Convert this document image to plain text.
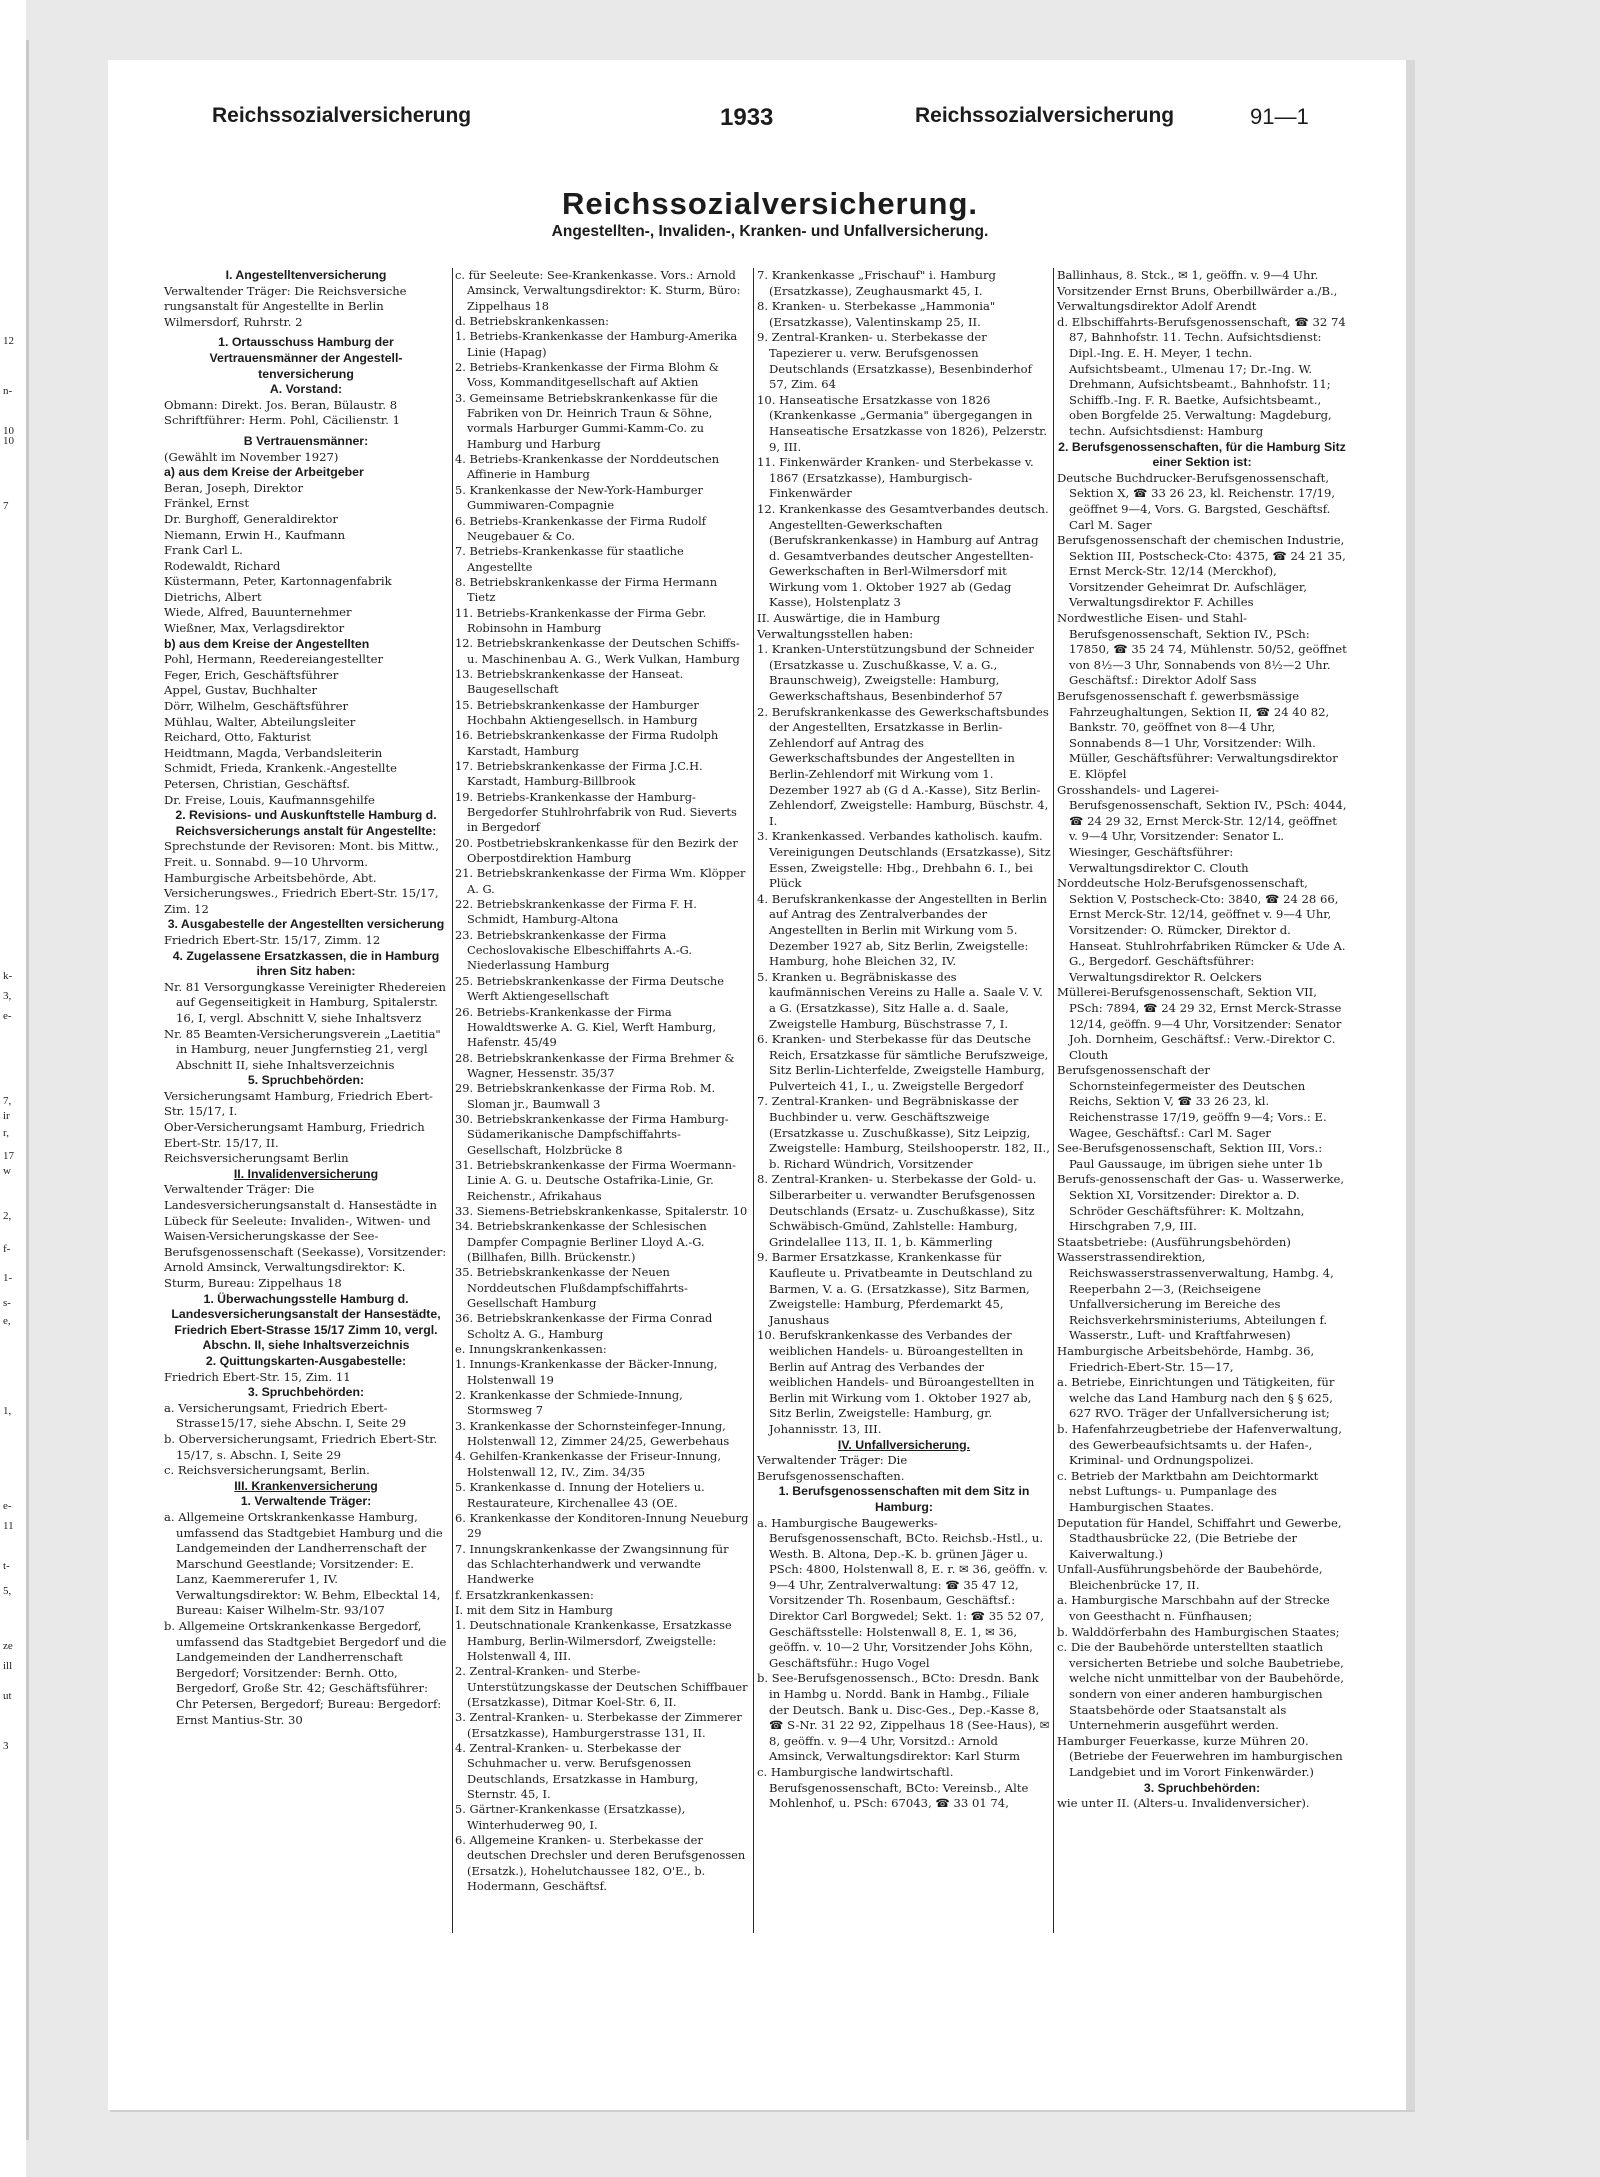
12
n-
10
10
7
k-
3,
e-
7,
ir
r,
17
w
2,
f-
1-
s-
e,
1,
e-
11
t-
5,
ze
ill
ut
3
Reichssozialversicherung	1933	Reichssozialversicherung	91—1
Reichssozialversicherung.
Angestellten-, Invaliden-, Kranken- und Unfallversicherung.
I. Angestelltenversicherung
Verwaltender Träger: Die Reichsversiche rungsanstalt für Angestellte in Berlin Wilmersdorf, Ruhrstr. 2
1. Ortausschuss Hamburg der Vertrauensmänner der Angestell-tenversicherung
A. Vorstand:
Obmann: Direkt. Jos. Beran, Bülaustr. 8 Schriftführer: Herm. Pohl, Cäcilienstr. 1
B Vertrauensmänner:
(Gewählt im November 1927)
a) aus dem Kreise der Arbeitgeber
Beran, Joseph, Direktor
Fränkel, Ernst
Dr. Burghoff, Generaldirektor
Niemann, Erwin H., Kaufmann
Frank Carl L.
Rodewaldt, Richard
Küstermann, Peter, Kartonnagenfabrik
Dietrichs, Albert
Wiede, Alfred, Bauunternehmer
Wießner, Max, Verlagsdirektor
b) aus dem Kreise der Angestellten
Pohl, Hermann, Reedereiangestellter
Feger, Erich, Geschäftsführer
Appel, Gustav, Buchhalter
Dörr, Wilhelm, Geschäftsführer
Mühlau, Walter, Abteilungsleiter
Reichard, Otto, Fakturist
Heidtmann, Magda, Verbandsleiterin
Schmidt, Frieda, Krankenk.-Angestellte
Petersen, Christian, Geschäftsf.
Dr. Freise, Louis, Kaufmannsgehilfe
2. Revisions- und Auskunftstelle Hamburg d. Reichsversicherungs anstalt für Angestellte:
Sprechstunde der Revisoren: Mont. bis Mittw., Freit. u. Sonnabd. 9—10 Uhrvorm. Hamburgische Arbeitsbehörde, Abt. Versicherungswes., Friedrich Ebert-Str. 15/17, Zim. 12
3. Ausgabestelle der Angestellten versicherung
Friedrich Ebert-Str. 15/17, Zimm. 12
4. Zugelassene Ersatzkassen, die in Hamburg ihren Sitz haben:
Nr. 81 Versorgungkasse Vereinigter Rhedereien auf Gegenseitigkeit in Hamburg, Spitalerstr. 16, I, vergl. Abschnitt V, siehe Inhaltsverz
Nr. 85 Beamten-Versicherungsverein „Laetitia" in Hamburg, neuer Jungfernstieg 21, vergl Abschnitt II, siehe Inhaltsverzeichnis
5. Spruchbehörden:
Versicherungsamt Hamburg, Friedrich Ebert-Str. 15/17, I.
Ober-Versicherungsamt Hamburg, Friedrich Ebert-Str. 15/17, II.
Reichsversicherungsamt Berlin
II. Invalidenversicherung
Verwaltender Träger: Die Landesversicherungsanstalt d. Hansestädte in Lübeck für Seeleute: Invaliden-, Witwen- und Waisen-Versicherungskasse der See-Berufsgenossenschaft (Seekasse), Vorsitzender: Arnold Amsinck, Verwaltungsdirektor: K. Sturm, Bureau: Zippelhaus 18
1. Überwachungsstelle Hamburg d. Landesversicherungsanstalt der Hansestädte, Friedrich Ebert-Strasse 15/17 Zimm 10, vergl. Abschn. II, siehe Inhaltsverzeichnis
2. Quittungskarten-Ausgabestelle:
Friedrich Ebert-Str. 15, Zim. 11
3. Spruchbehörden:
a. Versicherungsamt, Friedrich Ebert-Strasse15/17, siehe Abschn. I, Seite 29
b. Oberversicherungsamt, Friedrich Ebert-Str. 15/17, s. Abschn. I, Seite 29
c. Reichsversicherungsamt, Berlin.
III. Krankenversicherung
1. Verwaltende Träger:
a. Allgemeine Ortskrankenkasse Hamburg, umfassend das Stadtgebiet Hamburg und die Landgemeinden der Landherrenschaft der Marschund Geestlande; Vorsitzender: E. Lanz, Kaemmererufer 1, IV. Verwaltungsdirektor: W. Behm, Elbecktal 14, Bureau: Kaiser Wilhelm-Str. 93/107
b. Allgemeine Ortskrankenkasse Bergedorf, umfassend das Stadtgebiet Bergedorf und die Landgemeinden der Landherrenschaft Bergedorf; Vorsitzender: Bernh. Otto, Bergedorf, Große Str. 42; Geschäftsführer: Chr Petersen, Bergedorf; Bureau: Bergedorf: Ernst Mantius-Str. 30
c. für Seeleute: See-Krankenkasse. Vors.: Arnold Amsinck, Verwaltungsdirektor: K. Sturm, Büro: Zippelhaus 18
d. Betriebskrankenkassen:
1. Betriebs-Krankenkasse der Hamburg-Amerika Linie (Hapag)
2. Betriebs-Krankenkasse der Firma Blohm & Voss, Kommanditgesellschaft auf Aktien
3. Gemeinsame Betriebskrankenkasse für die Fabriken von Dr. Heinrich Traun & Söhne, vormals Harburger Gummi-Kamm-Co. zu Hamburg und Harburg
4. Betriebs-Krankenkasse der Norddeutschen Affinerie in Hamburg
5. Krankenkasse der New-York-Hamburger Gummiwaren-Compagnie
6. Betriebs-Krankenkasse der Firma Rudolf Neugebauer & Co.
7. Betriebs-Krankenkasse für staatliche Angestellte
8. Betriebskrankenkasse der Firma Hermann Tietz
11. Betriebs-Krankenkasse der Firma Gebr. Robinsohn in Hamburg
12. Betriebskrankenkasse der Deutschen Schiffs- u. Maschinenbau A. G., Werk Vulkan, Hamburg
13. Betriebskrankenkasse der Hanseat. Baugesellschaft
15. Betriebskrankenkasse der Hamburger Hochbahn Aktiengesellsch. in Hamburg
16. Betriebskrankenkasse der Firma Rudolph Karstadt, Hamburg
17. Betriebskrankenkasse der Firma J.C.H. Karstadt, Hamburg-Billbrook
19. Betriebs-Krankenkasse der Hamburg-Bergedorfer Stuhlrohrfabrik von Rud. Sieverts in Bergedorf
20. Postbetriebskrankenkasse für den Bezirk der Oberpostdirektion Hamburg
21. Betriebskrankenkasse der Firma Wm. Klöpper A. G.
22. Betriebskrankenkasse der Firma F. H. Schmidt, Hamburg-Altona
23. Betriebskrankenkasse der Firma Cechoslovakische Elbeschiffahrts A.-G. Niederlassung Hamburg
25. Betriebskrankenkasse der Firma Deutsche Werft Aktiengesellschaft
26. Betriebs-Krankenkasse der Firma Howaldtswerke A. G. Kiel, Werft Hamburg, Hafenstr. 45/49
28. Betriebskrankenkasse der Firma Brehmer & Wagner, Hessenstr. 35/37
29. Betriebskrankenkasse der Firma Rob. M. Sloman jr., Baumwall 3
30. Betriebskrankenkasse der Firma Hamburg-Südamerikanische Dampfschiffahrts-Gesellschaft, Holzbrücke 8
31. Betriebskrankenkasse der Firma Woermann-Linie A. G. u. Deutsche Ostafrika-Linie, Gr. Reichenstr., Afrikahaus
33. Siemens-Betriebskrankenkasse, Spitalerstr. 10
34. Betriebskrankenkasse der Schlesischen Dampfer Compagnie Berliner Lloyd A.-G. (Billhafen, Billh. Brückenstr.)
35. Betriebskrankenkasse der Neuen Norddeutschen Flußdampfschiffahrts-Gesellschaft Hamburg
36. Betriebskrankenkasse der Firma Conrad Scholtz A. G., Hamburg
e. Innungskrankenkassen:
1. Innungs-Krankenkasse der Bäcker-Innung, Holstenwall 19
2. Krankenkasse der Schmiede-Innung, Stormsweg 7
3. Krankenkasse der Schornsteinfeger-Innung, Holstenwall 12, Zimmer 24/25, Gewerbehaus
4. Gehilfen-Krankenkasse der Friseur-Innung, Holstenwall 12, IV., Zim. 34/35
5. Krankenkasse d. Innung der Hoteliers u. Restaurateure, Kirchenallee 43 (OE.
6. Krankenkasse der Konditoren-Innung Neueburg 29
7. Innungskrankenkasse der Zwangsinnung für das Schlachterhandwerk und verwandte Handwerke
f. Ersatzkrankenkassen:
I. mit dem Sitz in Hamburg
1. Deutschnationale Krankenkasse, Ersatzkasse Hamburg, Berlin-Wilmersdorf, Zweigstelle: Holstenwall 4, III.
2. Zentral-Kranken- und Sterbe-Unterstützungskasse der Deutschen Schiffbauer (Ersatzkasse), Ditmar Koel-Str. 6, II.
3. Zentral-Kranken- u. Sterbekasse der Zimmerer (Ersatzkasse), Hamburgerstrasse 131, II.
4. Zentral-Kranken- u. Sterbekasse der Schuhmacher u. verw. Berufsgenossen Deutschlands, Ersatzkasse in Hamburg, Sternstr. 45, I.
5. Gärtner-Krankenkasse (Ersatzkasse), Winterhuderweg 90, I.
6. Allgemeine Kranken- u. Sterbekasse der deutschen Drechsler und deren Berufsgenossen (Ersatzk.), Hohelutchaussee 182, O'E., b. Hodermann, Geschäftsf.
7. Krankenkasse „Frischauf" i. Hamburg (Ersatzkasse), Zeughausmarkt 45, I.
8. Kranken- u. Sterbekasse „Hammonia" (Ersatzkasse), Valentinskamp 25, II.
9. Zentral-Kranken- u. Sterbekasse der Tapezierer u. verw. Berufsgenossen Deutschlands (Ersatzkasse), Besenbinderhof 57, Zim. 64
10. Hanseatische Ersatzkasse von 1826 (Krankenkasse „Germania" übergegangen in Hanseatische Ersatzkasse von 1826), Pelzerstr. 9, III.
11. Finkenwärder Kranken- und Sterbekasse v. 1867 (Ersatzkasse), Hamburgisch-Finkenwärder
12. Krankenkasse des Gesamtverbandes deutsch. Angestellten-Gewerkschaften (Berufskrankenkasse) in Hamburg auf Antrag d. Gesamtverbandes deutscher Angestellten-Gewerkschaften in Berl-Wilmersdorf mit Wirkung vom 1. Oktober 1927 ab (Gedag Kasse), Holstenplatz 3
II. Auswärtige, die in Hamburg Verwaltungsstellen haben:
1. Kranken-Unterstützungsbund der Schneider (Ersatzkasse u. Zuschußkasse, V. a. G., Braunschweig), Zweigstelle: Hamburg, Gewerkschaftshaus, Besenbinderhof 57
2. Berufskrankenkasse des Gewerkschaftsbundes der Angestellten, Ersatzkasse in Berlin-Zehlendorf auf Antrag des Gewerkschaftsbundes der Angestellten in Berlin-Zehlendorf mit Wirkung vom 1. Dezember 1927 ab (G d A.-Kasse), Sitz Berlin-Zehlendorf, Zweigstelle: Hamburg, Büschstr. 4, I.
3. Krankenkassed. Verbandes katholisch. kaufm. Vereinigungen Deutschlands (Ersatzkasse), Sitz Essen, Zweigstelle: Hbg., Drehbahn 6. I., bei Plück
4. Berufskrankenkasse der Angestellten in Berlin auf Antrag des Zentralverbandes der Angestellten in Berlin mit Wirkung vom 5. Dezember 1927 ab, Sitz Berlin, Zweigstelle: Hamburg, hohe Bleichen 32, IV.
5. Kranken u. Begräbniskasse des kaufmännischen Vereins zu Halle a. Saale V. V. a G. (Ersatzkasse), Sitz Halle a. d. Saale, Zweigstelle Hamburg, Büschstrasse 7, I.
6. Kranken- und Sterbekasse für das Deutsche Reich, Ersatzkasse für sämtliche Berufszweige, Sitz Berlin-Lichterfelde, Zweigstelle Hamburg, Pulverteich 41, I., u. Zweigstelle Bergedorf
7. Zentral-Kranken- und Begräbniskasse der Buchbinder u. verw. Geschäftszweige (Ersatzkasse u. Zuschußkasse), Sitz Leipzig, Zweigstelle: Hamburg, Steilshooperstr. 182, II., b. Richard Wündrich, Vorsitzender
8. Zentral-Kranken- u. Sterbekasse der Gold- u. Silberarbeiter u. verwandter Berufsgenossen Deutschlands (Ersatz- u. Zuschußkasse), Sitz Schwäbisch-Gmünd, Zahlstelle: Hamburg, Grindelallee 113, II. 1, b. Kämmerling
9. Barmer Ersatzkasse, Krankenkasse für Kaufleute u. Privatbeamte in Deutschland zu Barmen, V. a. G. (Ersatzkasse), Sitz Barmen, Zweigstelle: Hamburg, Pferdemarkt 45, Janushaus
10. Berufskrankenkasse des Verbandes der weiblichen Handels- u. Büroangestellten in Berlin auf Antrag des Verbandes der weiblichen Handels- und Büroangestellten in Berlin mit Wirkung vom 1. Oktober 1927 ab, Sitz Berlin, Zweigstelle: Hamburg, gr. Johannisstr. 13, III.
IV. Unfallversicherung.
Verwaltender Träger: Die Berufsgenossenschaften.
1. Berufsgenossenschaften mit dem Sitz in Hamburg:
a. Hamburgische Baugewerks-Berufsgenossenschaft, BCto. Reichsb.-Hstl., u. Westh. B. Altona, Dep.-K. b. grünen Jäger u. PSch: 4800, Holstenwall 8, E. r. ✉ 36, geöffn. v. 9—4 Uhr, Zentralverwaltung: ☎ 35 47 12, Vorsitzender Th. Rosenbaum, Geschäftsf.: Direktor Carl Borgwedel; Sekt. 1: ☎ 35 52 07, Geschäftsstelle: Holstenwall 8, E. 1, ✉ 36, geöffn. v. 10—2 Uhr, Vorsitzender Johs Köhn, Geschäftsführ.: Hugo Vogel
b. See-Berufsgenossensch., BCto: Dresdn. Bank in Hambg u. Nordd. Bank in Hambg., Filiale der Deutsch. Bank u. Disc-Ges., Dep.-Kasse 8, ☎ S-Nr. 31 22 92, Zippelhaus 18 (See-Haus), ✉ 8, geöffn. v. 9—4 Uhr, Vorsitzd.: Arnold Amsinck, Verwaltungsdirektor: Karl Sturm
c. Hamburgische landwirtschaftl. Berufsgenossenschaft, BCto: Vereinsb., Alte Mohlenhof, u. PSch: 67043, ☎ 33 01 74,
Ballinhaus, 8. Stck., ✉ 1, geöffn. v. 9—4 Uhr. Vorsitzender Ernst Bruns, Oberbillwärder a./B., Verwaltungsdirektor Adolf Arendt
d. Elbschiffahrts-Berufsgenossenschaft, ☎ 32 74 87, Bahnhofstr. 11. Techn. Aufsichtsdienst: Dipl.-Ing. E. H. Meyer, 1 techn. Aufsichtsbeamt., Ulmenau 17; Dr.-Ing. W. Drehmann, Aufsichtsbeamt., Bahnhofstr. 11; Schiffb.-Ing. F. R. Baetke, Aufsichtsbeamt., oben Borgfelde 25. Verwaltung: Magdeburg, techn. Aufsichtsdienst: Hamburg
2. Berufsgenossenschaften, für die Hamburg Sitz einer Sektion ist:
Deutsche Buchdrucker-Berufsgenossenschaft, Sektion X, ☎ 33 26 23, kl. Reichenstr. 17/19, geöffnet 9—4, Vors. G. Bargsted, Geschäftsf. Carl M. Sager
Berufsgenossenschaft der chemischen Industrie, Sektion III, Postscheck-Cto: 4375, ☎ 24 21 35, Ernst Merck-Str. 12/14 (Merckhof), Vorsitzender Geheimrat Dr. Aufschläger, Verwaltungsdirektor F. Achilles
Nordwestliche Eisen- und Stahl-Berufsgenossenschaft, Sektion IV., PSch: 17850, ☎ 35 24 74, Mühlenstr. 50/52, geöffnet von 8½—3 Uhr, Sonnabends von 8½—2 Uhr. Geschäftsf.: Direktor Adolf Sass
Berufsgenossenschaft f. gewerbsmässige Fahrzeughaltungen, Sektion II, ☎ 24 40 82, Bankstr. 70, geöffnet von 8—4 Uhr, Sonnabends 8—1 Uhr, Vorsitzender: Wilh. Müller, Geschäftsführer: Verwaltungsdirektor E. Klöpfel
Grosshandels- und Lagerei-Berufsgenossenschaft, Sektion IV., PSch: 4044, ☎ 24 29 32, Ernst Merck-Str. 12/14, geöffnet v. 9—4 Uhr, Vorsitzender: Senator L. Wiesinger, Geschäftsführer: Verwaltungsdirektor C. Clouth
Norddeutsche Holz-Berufsgenossenschaft, Sektion V, Postscheck-Cto: 3840, ☎ 24 28 66, Ernst Merck-Str. 12/14, geöffnet v. 9—4 Uhr, Vorsitzender: O. Rümcker, Direktor d. Hanseat. Stuhlrohrfabriken Rümcker & Ude A. G., Bergedorf. Geschäftsführer: Verwaltungsdirektor R. Oelckers
Müllerei-Berufsgenossenschaft, Sektion VII, PSch: 7894, ☎ 24 29 32, Ernst Merck-Strasse 12/14, geöffn. 9—4 Uhr, Vorsitzender: Senator Joh. Dornheim, Geschäftsf.: Verw.-Direktor C. Clouth
Berufsgenossenschaft der Schornsteinfegermeister des Deutschen Reichs, Sektion V, ☎ 33 26 23, kl. Reichenstrasse 17/19, geöffn 9—4; Vors.: E. Wagee, Geschäftsf.: Carl M. Sager
See-Berufsgenossenschaft, Sektion III, Vors.: Paul Gaussauge, im übrigen siehe unter 1b
Berufs-genossenschaft der Gas- u. Wasserwerke, Sektion XI, Vorsitzender: Direktor a. D. Schröder Geschäftsführer: K. Moltzahn, Hirschgraben 7,9, III.
Staatsbetriebe: (Ausführungsbehörden)
Wasserstrassendirektion, Reichswasserstrassenverwaltung, Hambg. 4, Reeperbahn 2—3, (Reichseigene Unfallversicherung im Bereiche des Reichsverkehrsministeriums, Abteilungen f. Wasserstr., Luft- und Kraftfahrwesen)
Hamburgische Arbeitsbehörde, Hambg. 36, Friedrich-Ebert-Str. 15—17,
a. Betriebe, Einrichtungen und Tätigkeiten, für welche das Land Hamburg nach den § § 625, 627 RVO. Träger der Unfallversicherung ist;
b. Hafenfahrzeugbetriebe der Hafenverwaltung, des Gewerbeaufsichtsamts u. der Hafen-, Kriminal- und Ordnungspolizei.
c. Betrieb der Marktbahn am Deichtormarkt nebst Luftungs- u. Pumpanlage des Hamburgischen Staates.
Deputation für Handel, Schiffahrt und Gewerbe, Stadthausbrücke 22, (Die Betriebe der Kaiverwaltung.)
Unfall-Ausführungsbehörde der Baubehörde, Bleichenbrücke 17, II.
a. Hamburgische Marschbahn auf der Strecke von Geesthacht n. Fünfhausen;
b. Walddörferbahn des Hamburgischen Staates;
c. Die der Baubehörde unterstellten staatlich versicherten Betriebe und solche Baubetriebe, welche nicht unmittelbar von der Baubehörde, sondern von einer anderen hamburgischen Staatsbehörde oder Staatsanstalt als Unternehmerin ausgeführt werden.
Hamburger Feuerkasse, kurze Mühren 20. (Betriebe der Feuerwehren im hamburgischen Landgebiet und im Vorort Finkenwärder.)
3. Spruchbehörden:
wie unter II. (Alters-u. Invalidenversicher).
